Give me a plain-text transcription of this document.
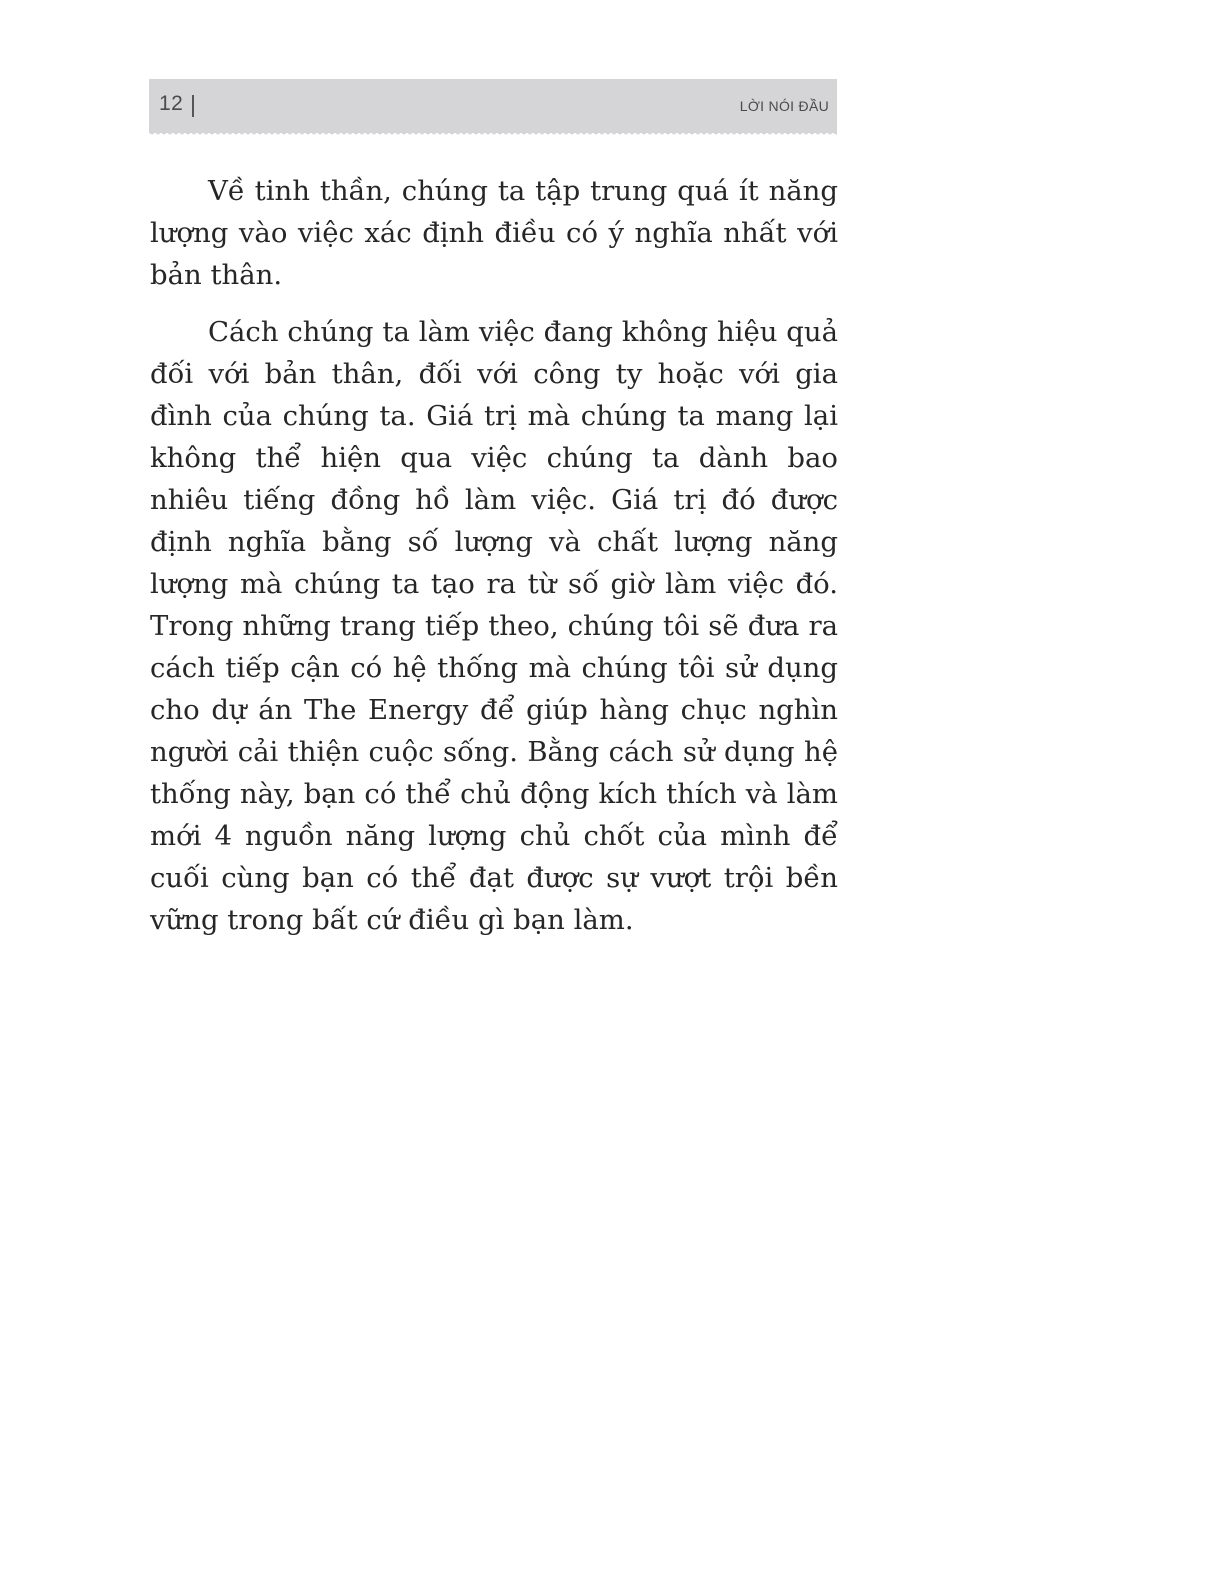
12	LỜI NÓI ĐẦU

Về tinh thần, chúng ta tập trung quá ít năng lượng vào việc xác định điều có ý nghĩa nhất với bản thân.

Cách chúng ta làm việc đang không hiệu quả đối với bản thân, đối với công ty hoặc với gia đình của chúng ta. Giá trị mà chúng ta mang lại không thể hiện qua việc chúng ta dành bao nhiêu tiếng đồng hồ làm việc. Giá trị đó được định nghĩa bằng số lượng và chất lượng năng lượng mà chúng ta tạo ra từ số giờ làm việc đó. Trong những trang tiếp theo, chúng tôi sẽ đưa ra cách tiếp cận có hệ thống mà chúng tôi sử dụng cho dự án The Energy để giúp hàng chục nghìn người cải thiện cuộc sống. Bằng cách sử dụng hệ thống này, bạn có thể chủ động kích thích và làm mới 4 nguồn năng lượng chủ chốt của mình để cuối cùng bạn có thể đạt được sự vượt trội bền vững trong bất cứ điều gì bạn làm.
